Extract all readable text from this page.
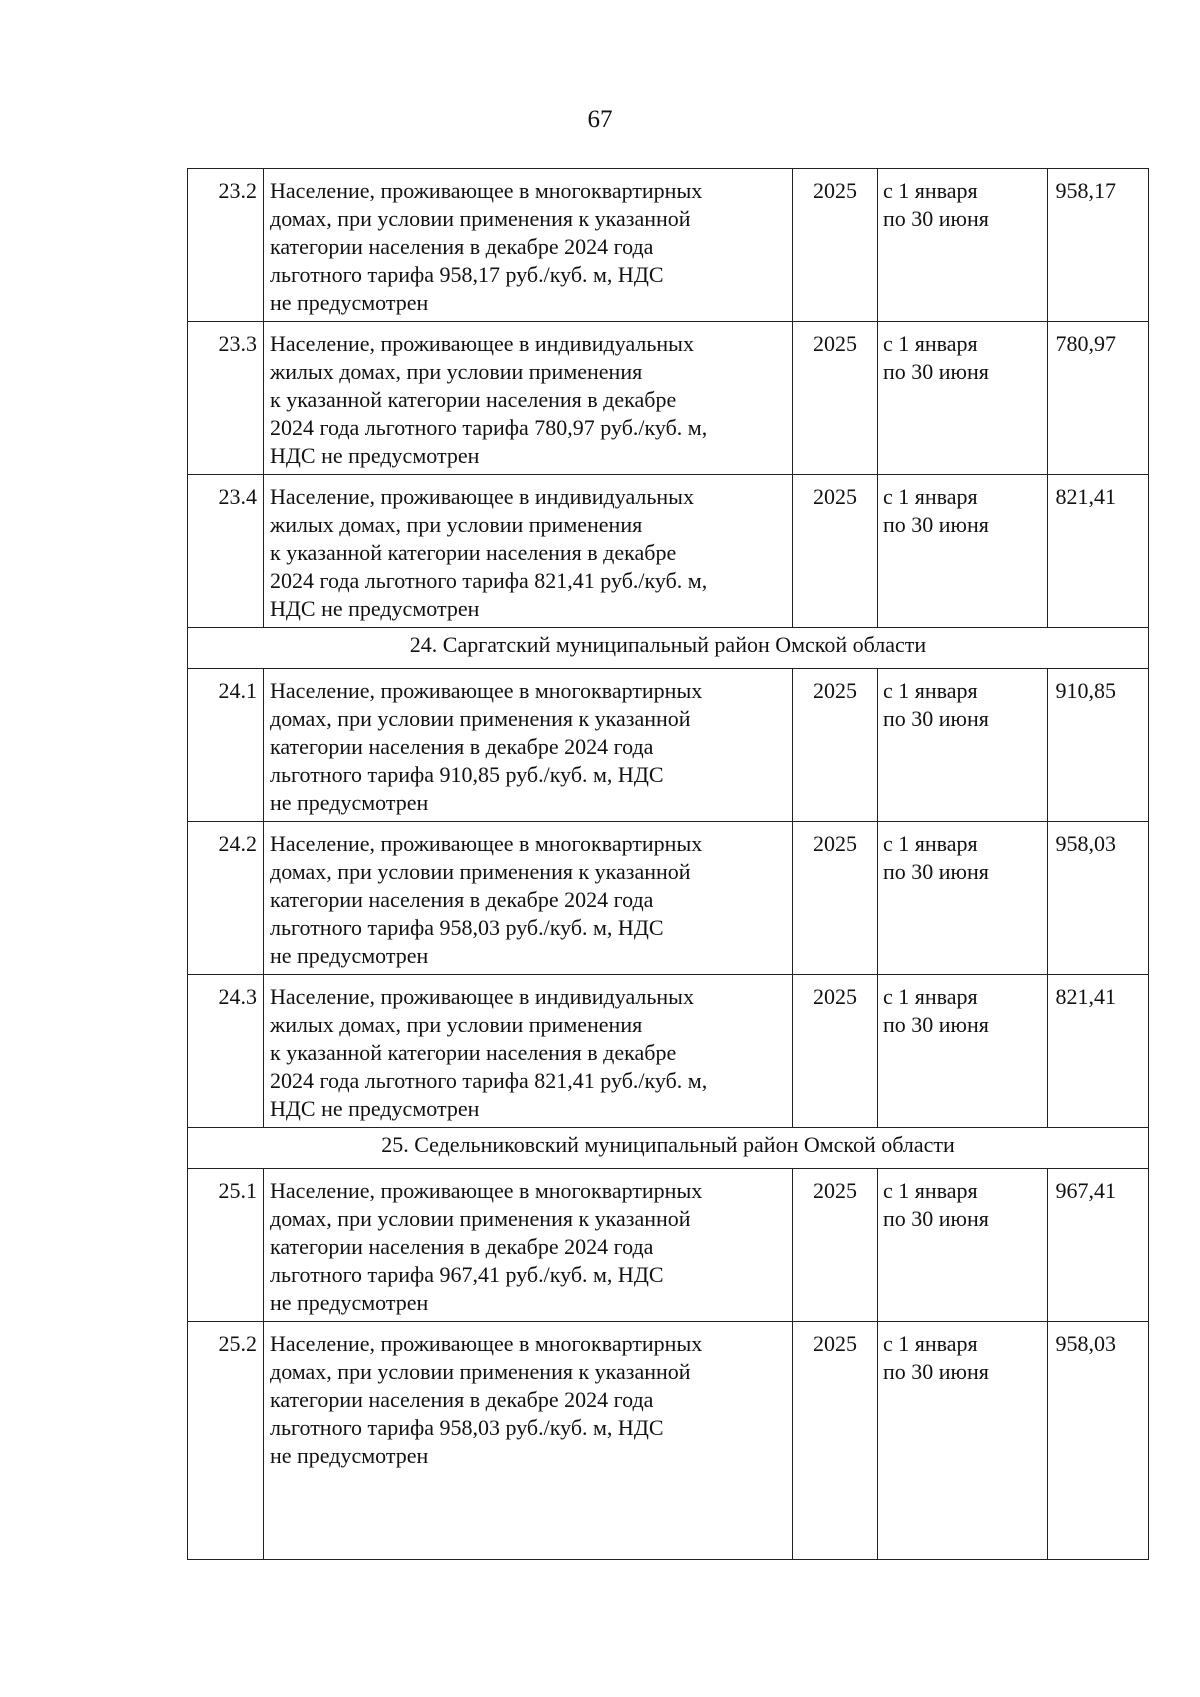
67
23.2	Население, проживающее в многоквартирных
домах, при условии применения к указанной
категории населения в декабре 2024 года
льготного тарифа 958,17 руб./куб. м, НДС
не предусмотрен	2025	с 1 января
по 30 июня	958,17
23.3	Население, проживающее в индивидуальных
жилых домах, при условии применения
к указанной категории населения в декабре
2024 года льготного тарифа 780,97 руб./куб. м,
НДС не предусмотрен	2025	с 1 января
по 30 июня	780,97
23.4	Население, проживающее в индивидуальных
жилых домах, при условии применения
к указанной категории населения в декабре
2024 года льготного тарифа 821,41 руб./куб. м,
НДС не предусмотрен	2025	с 1 января
по 30 июня	821,41
24. Саргатский муниципальный район Омской области				
24.1	Население, проживающее в многоквартирных
домах, при условии применения к указанной
категории населения в декабре 2024 года
льготного тарифа 910,85 руб./куб. м, НДС
не предусмотрен	2025	с 1 января
по 30 июня	910,85
24.2	Население, проживающее в многоквартирных
домах, при условии применения к указанной
категории населения в декабре 2024 года
льготного тарифа 958,03 руб./куб. м, НДС
не предусмотрен	2025	с 1 января
по 30 июня	958,03
24.3	Население, проживающее в индивидуальных
жилых домах, при условии применения
к указанной категории населения в декабре
2024 года льготного тарифа 821,41 руб./куб. м,
НДС не предусмотрен	2025	с 1 января
по 30 июня	821,41
25. Седельниковский муниципальный район Омской области				
25.1	Население, проживающее в многоквартирных
домах, при условии применения к указанной
категории населения в декабре 2024 года
льготного тарифа 967,41 руб./куб. м, НДС
не предусмотрен	2025	с 1 января
по 30 июня	967,41
25.2	Население, проживающее в многоквартирных
домах, при условии применения к указанной
категории населения в декабре 2024 года
льготного тарифа 958,03 руб./куб. м, НДС
не предусмотрен	2025	с 1 января
по 30 июня	958,03
